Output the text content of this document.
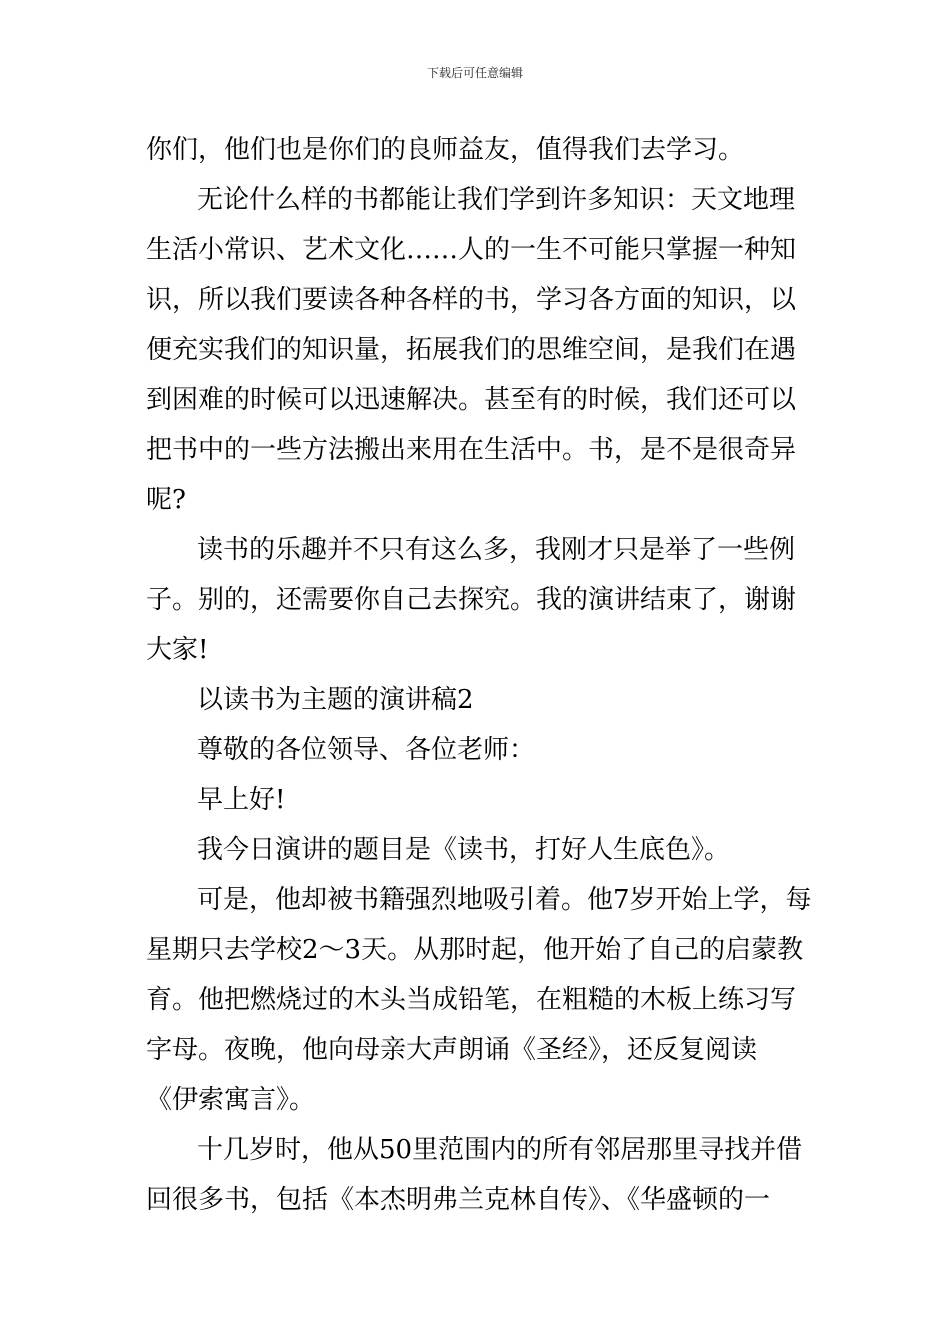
下载后可任意编辑
你们，他们也是你们的良师益友，值得我们去学习。
无论什么样的书都能让我们学到许多知识：天文地理
生活小常识、艺术文化……人的一生不可能只掌握一种知
识，所以我们要读各种各样的书，学习各方面的知识，以
便充实我们的知识量，拓展我们的思维空间，是我们在遇
到困难的时候可以迅速解决。甚至有的时候，我们还可以
把书中的一些方法搬出来用在生活中。书，是不是很奇异
呢?
读书的乐趣并不只有这么多，我刚才只是举了一些例
子。别的，还需要你自己去探究。我的演讲结束了，谢谢
大家!
以读书为主题的演讲稿2
尊敬的各位领导、各位老师：
早上好!
我今日演讲的题目是《读书，打好人生底色》。
可是，他却被书籍强烈地吸引着。他7岁开始上学，每
星期只去学校2～3天。从那时起，他开始了自己的启蒙教
育。他把燃烧过的木头当成铅笔，在粗糙的木板上练习写
字母。夜晚，他向母亲大声朗诵《圣经》，还反复阅读
《伊索寓言》。
十几岁时，他从50里范围内的所有邻居那里寻找并借
回很多书，包括《本杰明弗兰克林自传》、《华盛顿的一
